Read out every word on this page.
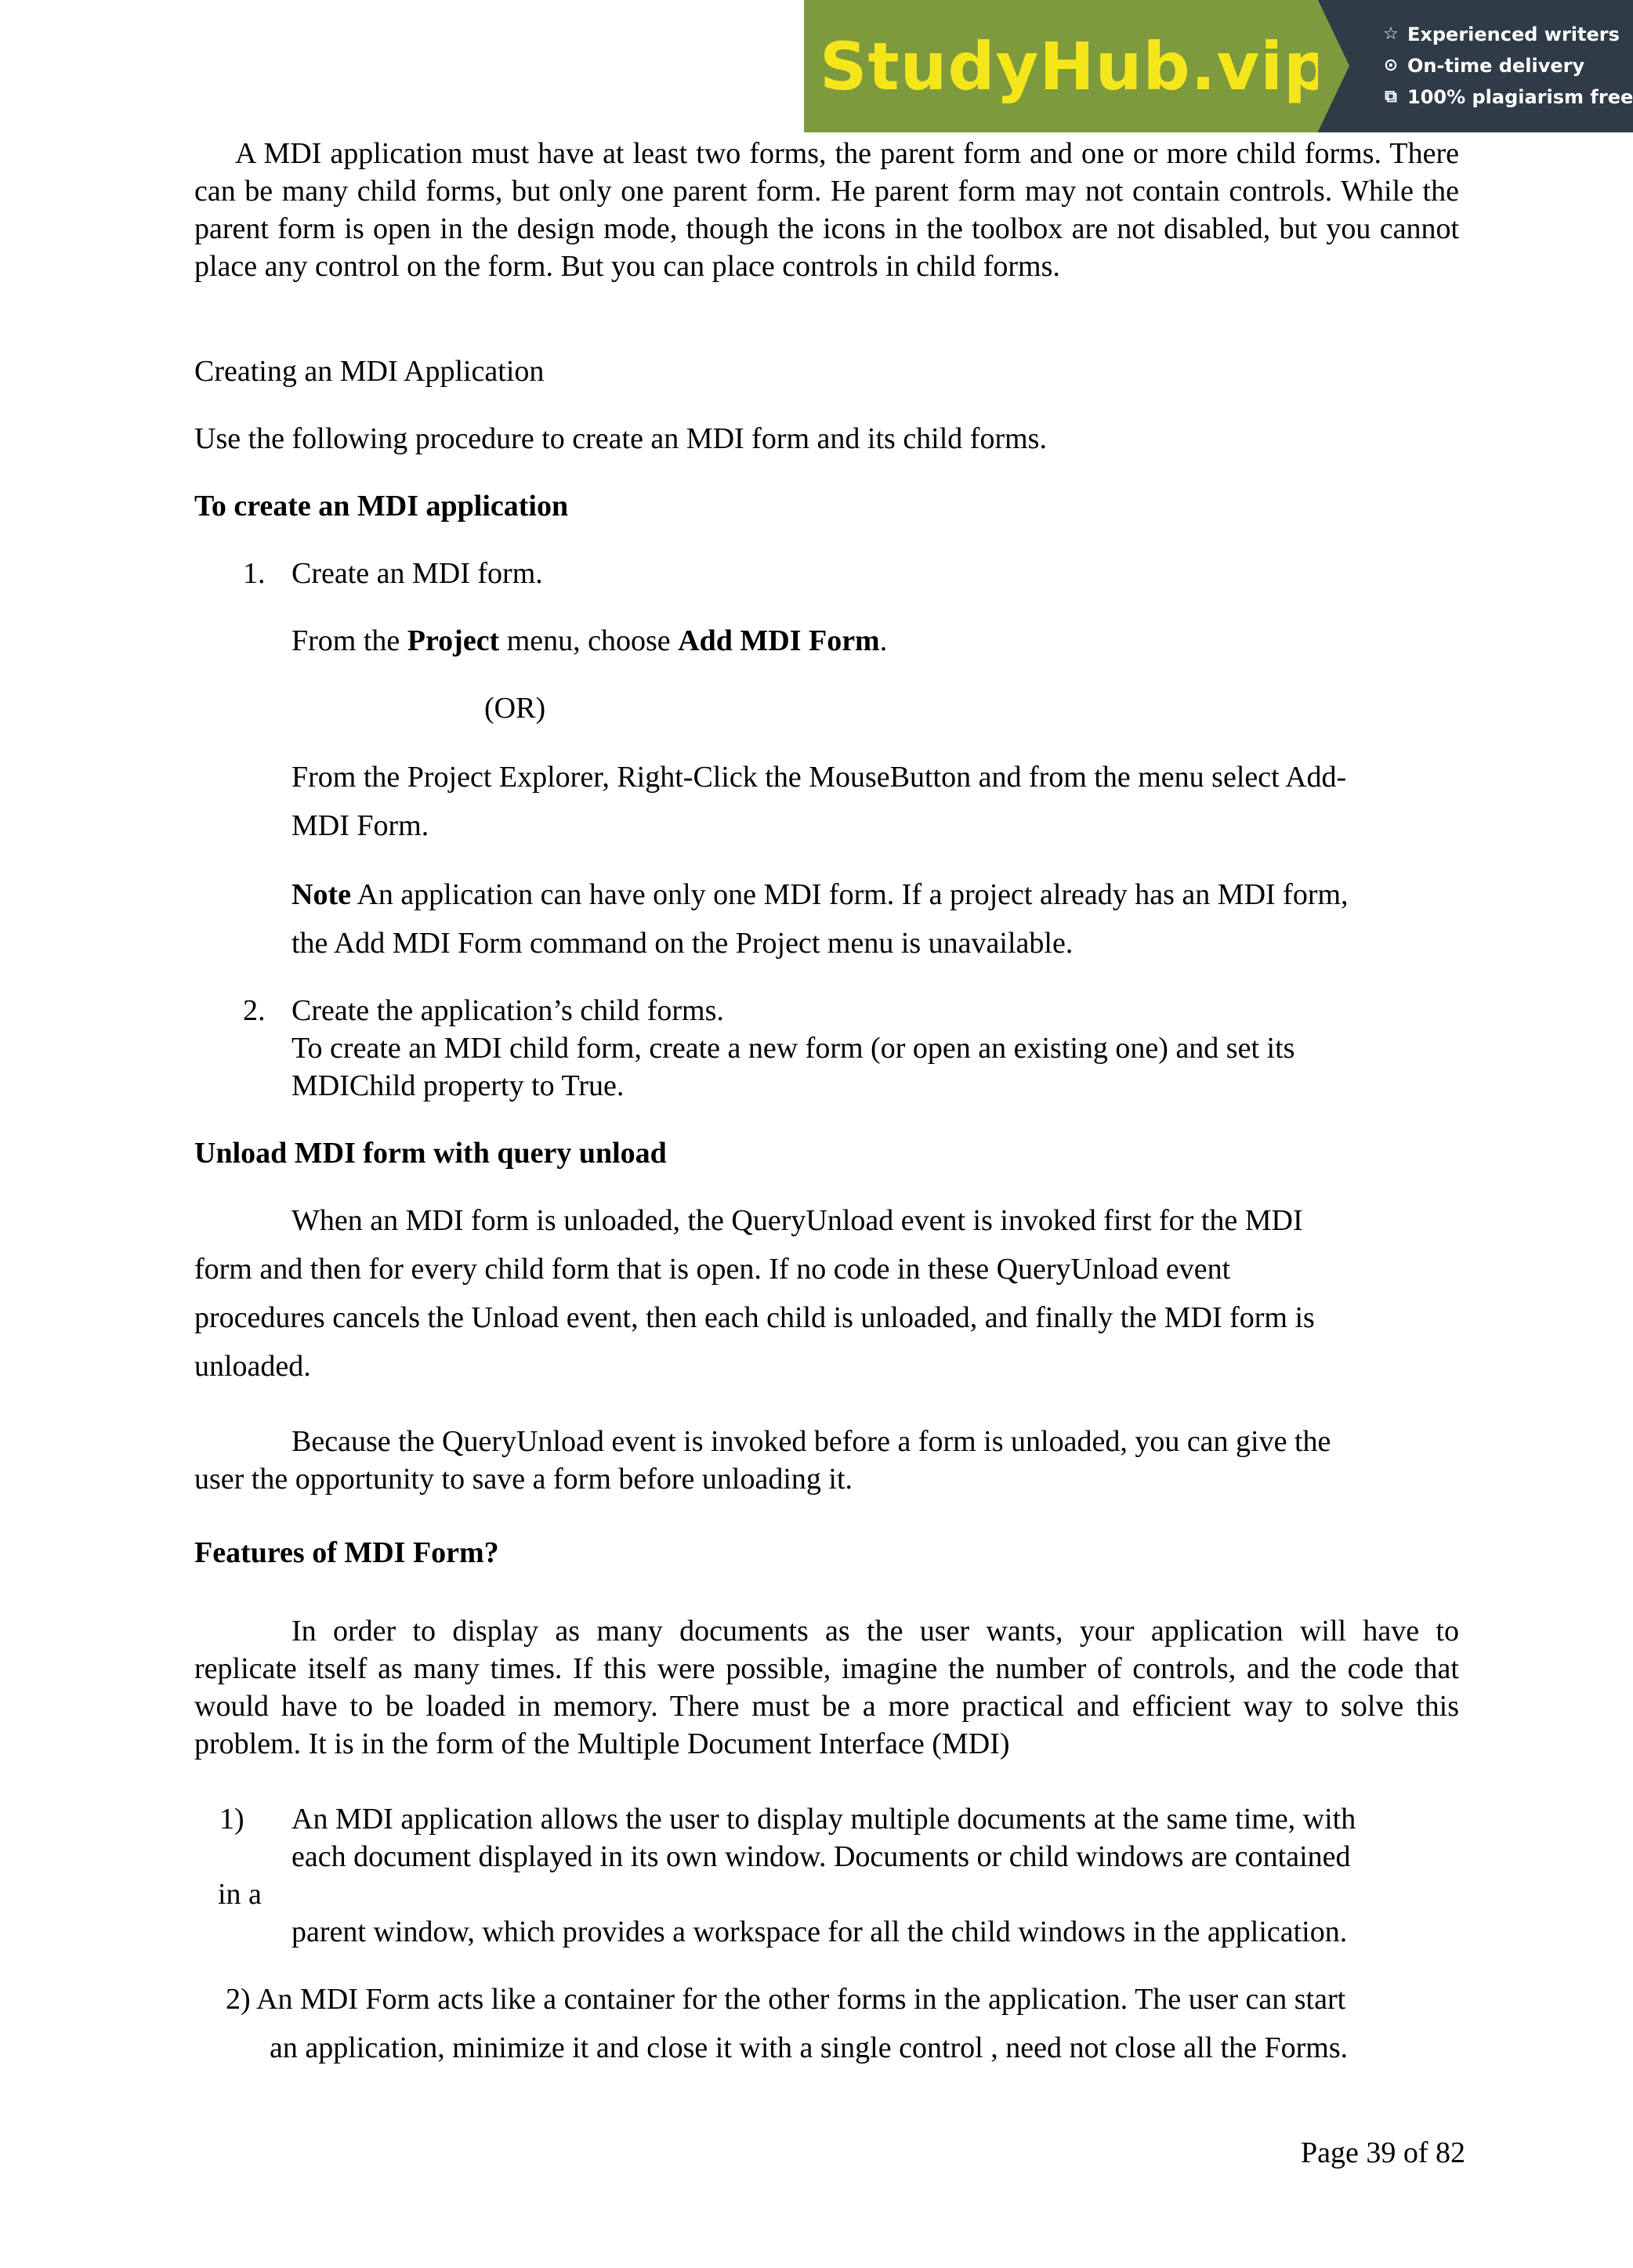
StudyHub.vip	☆ Experienced writers
⊙ On-time delivery
⧉ 100% plagiarism free

A MDI application must have at least two forms, the parent form and one or more child forms. There can be many child forms, but only one parent form. He parent form may not contain controls. While the parent form is open in the design mode, though the icons in the toolbox are not disabled, but you cannot place any control on the form. But you can place controls in child forms.

Creating an MDI Application

Use the following procedure to create an MDI form and its child forms.

To create an MDI application

1. Create an MDI form.

From the Project menu, choose Add MDI Form.

(OR)

From the Project Explorer, Right-Click the MouseButton and from the menu select Add-

MDI Form.

Note An application can have only one MDI form. If a project already has an MDI form,

the Add MDI Form command on the Project menu is unavailable.

2. Create the application’s child forms.

To create an MDI child form, create a new form (or open an existing one) and set its

MDIChild property to True.

Unload MDI form with query unload

When an MDI form is unloaded, the QueryUnload event is invoked first for the MDI

form and then for every child form that is open. If no code in these QueryUnload event

procedures cancels the Unload event, then each child is unloaded, and finally the MDI form is

unloaded.

Because the QueryUnload event is invoked before a form is unloaded, you can give the

user the opportunity to save a form before unloading it.

Features of MDI Form?

In order to display as many documents as the user wants, your application will have to

replicate itself as many times. If this were possible, imagine the number of controls, and the code that would have to be loaded in memory. There must be a more practical and efficient way to solve this problem. It is in the form of the Multiple Document Interface (MDI)

1) An MDI application allows the user to display multiple documents at the same time, with

each document displayed in its own window. Documents or child windows are contained

in a

parent window, which provides a workspace for all the child windows in the application.

2) An MDI Form acts like a container for the other forms in the application. The user can start

an application, minimize it and close it with a single control , need not close all the Forms.

Page 39 of 82
